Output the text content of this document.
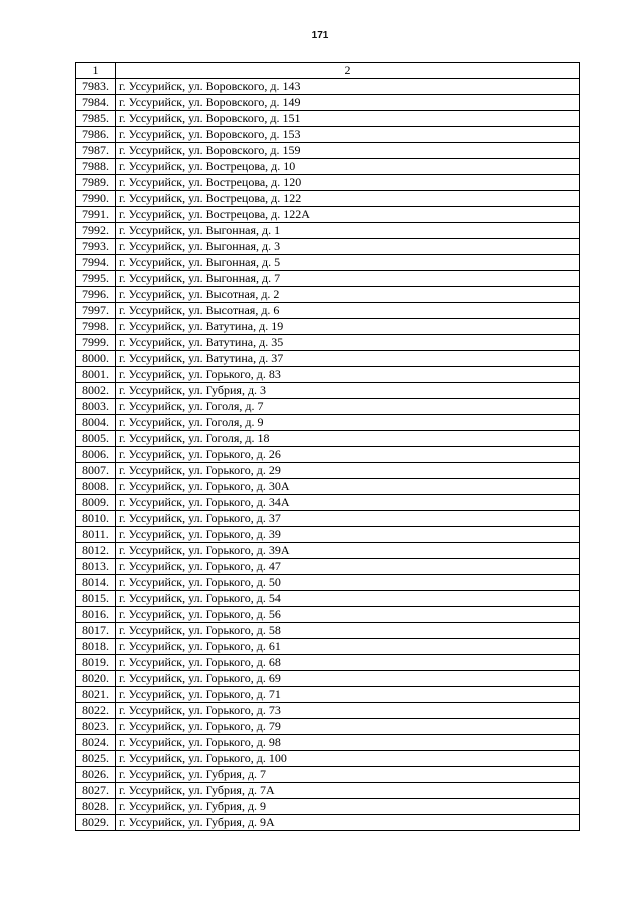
171
1	2
7983.	г. Уссурийск, ул. Воровского, д. 143
7984.	г. Уссурийск, ул. Воровского, д. 149
7985.	г. Уссурийск, ул. Воровского, д. 151
7986.	г. Уссурийск, ул. Воровского, д. 153
7987.	г. Уссурийск, ул. Воровского, д. 159
7988.	г. Уссурийск, ул. Вострецова, д. 10
7989.	г. Уссурийск, ул. Вострецова, д. 120
7990.	г. Уссурийск, ул. Вострецова, д. 122
7991.	г. Уссурийск, ул. Вострецова, д. 122А
7992.	г. Уссурийск, ул. Выгонная, д. 1
7993.	г. Уссурийск, ул. Выгонная, д. 3
7994.	г. Уссурийск, ул. Выгонная, д. 5
7995.	г. Уссурийск, ул. Выгонная, д. 7
7996.	г. Уссурийск, ул. Высотная, д. 2
7997.	г. Уссурийск, ул. Высотная, д. 6
7998.	г. Уссурийск, ул. Ватутина, д. 19
7999.	г. Уссурийск, ул. Ватутина, д. 35
8000.	г. Уссурийск, ул. Ватутина, д. 37
8001.	г. Уссурийск, ул. Горького, д. 83
8002.	г. Уссурийск, ул. Губрия, д. 3
8003.	г. Уссурийск, ул. Гоголя, д. 7
8004.	г. Уссурийск, ул. Гоголя, д. 9
8005.	г. Уссурийск, ул. Гоголя, д. 18
8006.	г. Уссурийск, ул. Горького, д. 26
8007.	г. Уссурийск, ул. Горького, д. 29
8008.	г. Уссурийск, ул. Горького, д. 30А
8009.	г. Уссурийск, ул. Горького, д. 34А
8010.	г. Уссурийск, ул. Горького, д. 37
8011.	г. Уссурийск, ул. Горького, д. 39
8012.	г. Уссурийск, ул. Горького, д. 39А
8013.	г. Уссурийск, ул. Горького, д. 47
8014.	г. Уссурийск, ул. Горького, д. 50
8015.	г. Уссурийск, ул. Горького, д. 54
8016.	г. Уссурийск, ул. Горького, д. 56
8017.	г. Уссурийск, ул. Горького, д. 58
8018.	г. Уссурийск, ул. Горького, д. 61
8019.	г. Уссурийск, ул. Горького, д. 68
8020.	г. Уссурийск, ул. Горького, д. 69
8021.	г. Уссурийск, ул. Горького, д. 71
8022.	г. Уссурийск, ул. Горького, д. 73
8023.	г. Уссурийск, ул. Горького, д. 79
8024.	г. Уссурийск, ул. Горького, д. 98
8025.	г. Уссурийск, ул. Горького, д. 100
8026.	г. Уссурийск, ул. Губрия, д. 7
8027.	г. Уссурийск, ул. Губрия, д. 7А
8028.	г. Уссурийск, ул. Губрия, д. 9
8029.	г. Уссурийск, ул. Губрия, д. 9А
